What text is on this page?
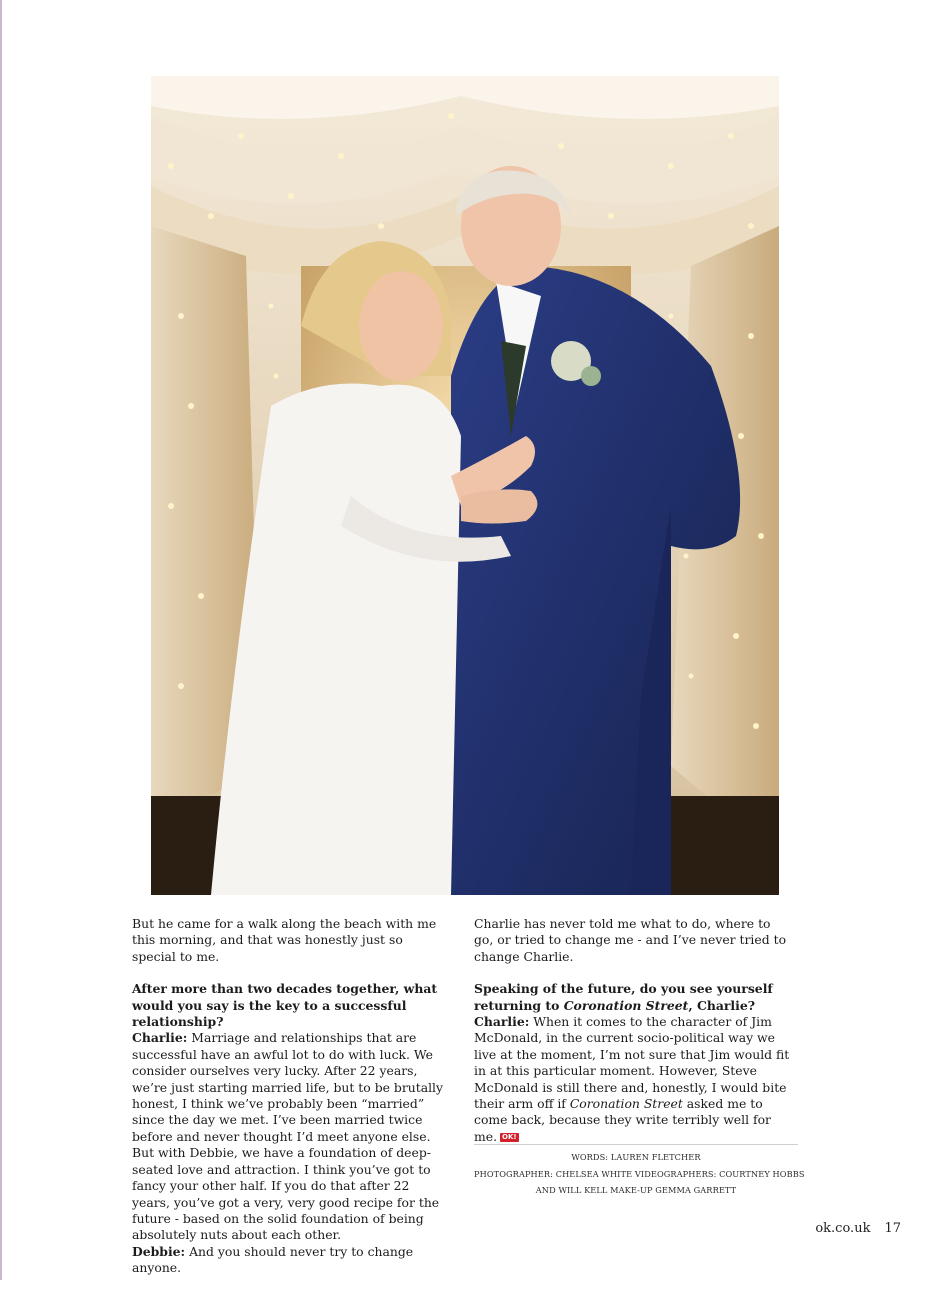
But he came for a walk along the beach with me this morning, and that was honestly just so special to me.

After more than two decades together, what would you say is the key to a successful relationship?
Charlie: Marriage and relationships that are successful have an awful lot to do with luck. We consider ourselves very lucky. After 22 years, we’re just starting married life, but to be brutally honest, I think we’ve probably been “married” since the day we met. I’ve been married twice before and never thought I’d meet anyone else. But with Debbie, we have a foundation of deep-seated love and attraction. I think you’ve got to fancy your other half. If you do that after 22 years, you’ve got a very, very good recipe for the future - based on the solid foundation of being absolutely nuts about each other.
Debbie: And you should never try to change anyone.

Charlie has never told me what to do, where to go, or tried to change me - and I’ve never tried to change Charlie.

Speaking of the future, do you see yourself returning to Coronation Street, Charlie?
Charlie: When it comes to the character of Jim McDonald, in the current socio-political way we live at the moment, I’m not sure that Jim would fit in at this particular moment. However, Steve McDonald is still there and, honestly, I would bite their arm off if Coronation Street asked me to come back, because they write terribly well for me. OK!

WORDS: LAUREN FLETCHER
PHOTOGRAPHER: CHELSEA WHITE VIDEOGRAPHERS: COURTNEY HOBBS
AND WILL KELL MAKE-UP GEMMA GARRETT
ok.co.uk 17
